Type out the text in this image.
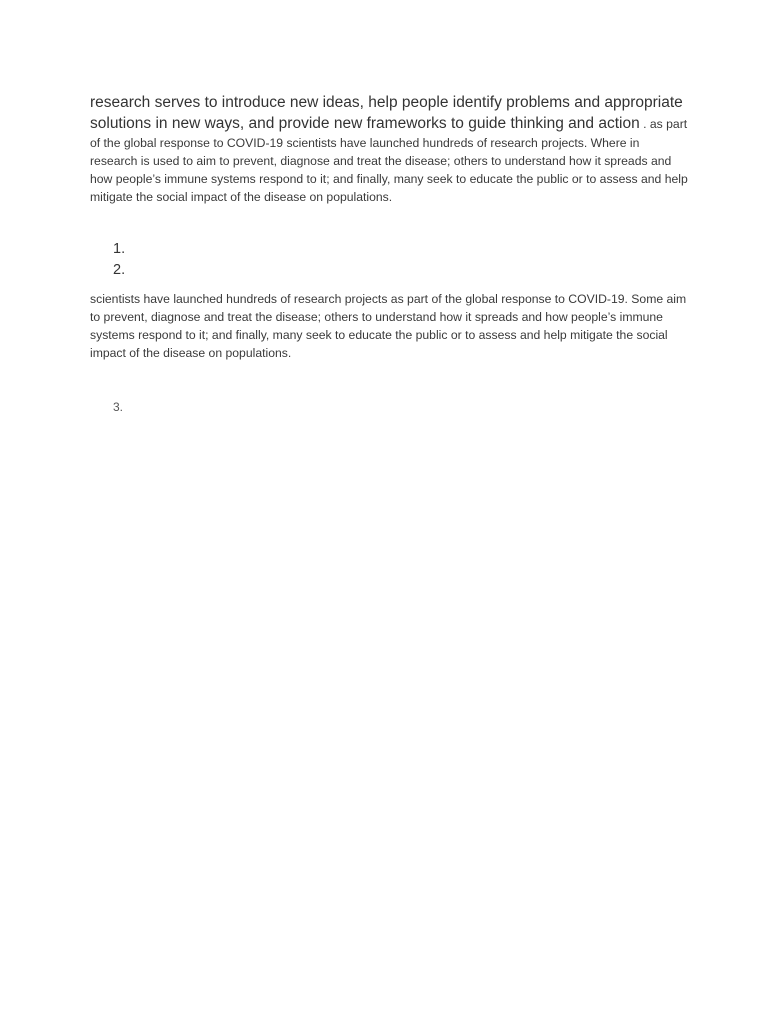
research serves to introduce new ideas, help people identify problems and appropriate solutions in new ways, and provide new frameworks to guide thinking and action . as part of the global response to COVID-19 scientists have launched hundreds of research projects. Where in research is used to aim to prevent, diagnose and treat the disease; others to understand how it spreads and how people’s immune systems respond to it; and finally, many seek to educate the public or to assess and help mitigate the social impact of the disease on populations.

1.
2.

scientists have launched hundreds of research projects as part of the global response to COVID-19. Some aim to prevent, diagnose and treat the disease; others to understand how it spreads and how people’s immune systems respond to it; and finally, many seek to educate the public or to assess and help mitigate the social impact of the disease on populations.

3.
